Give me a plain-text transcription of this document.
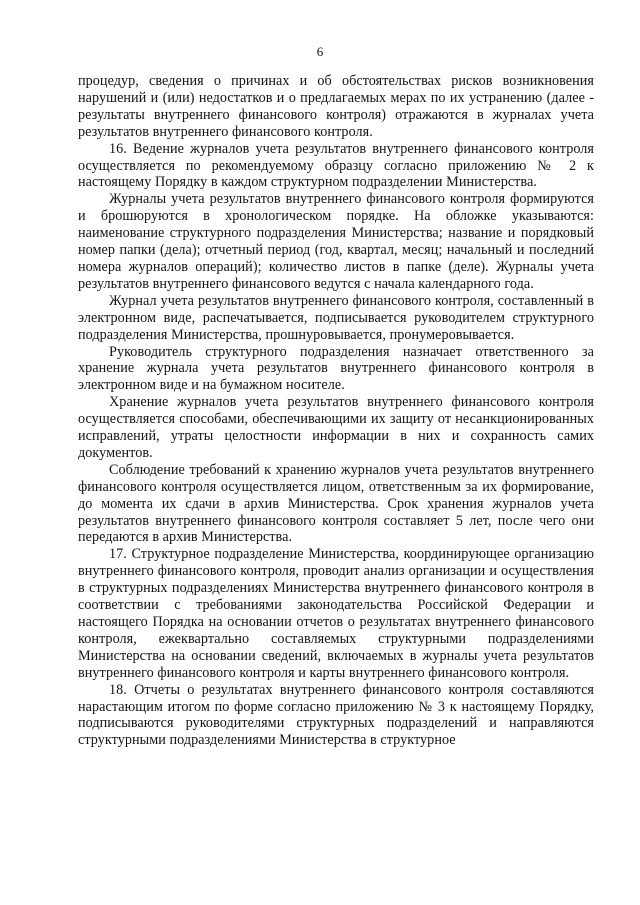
6

процедур, сведения о причинах и об обстоятельствах рисков возникновения нарушений и (или) недостатков и о предлагаемых мерах по их устранению (далее - результаты внутреннего финансового контроля) отражаются в журналах учета результатов внутреннего финансового контроля.

16. Ведение журналов учета результатов внутреннего финансового контроля осуществляется по рекомендуемому образцу согласно приложению № 2 к настоящему Порядку в каждом структурном подразделении Министерства.

Журналы учета результатов внутреннего финансового контроля формируются и брошюруются в хронологическом порядке. На обложке указываются: наименование структурного подразделения Министерства; название и порядковый номер папки (дела); отчетный период (год, квартал, месяц; начальный и последний номера журналов операций); количество листов в папке (деле). Журналы учета результатов внутреннего финансового ведутся с начала календарного года.

Журнал учета результатов внутреннего финансового контроля, составленный в электронном виде, распечатывается, подписывается руководителем структурного подразделения Министерства, прошнуровывается, пронумеровывается.

Руководитель структурного подразделения назначает ответственного за хранение журнала учета результатов внутреннего финансового контроля в электронном виде и на бумажном носителе.

Хранение журналов учета результатов внутреннего финансового контроля осуществляется способами, обеспечивающими их защиту от несанкционированных исправлений, утраты целостности информации в них и сохранность самих документов.

Соблюдение требований к хранению журналов учета результатов внутреннего финансового контроля осуществляется лицом, ответственным за их формирование, до момента их сдачи в архив Министерства. Срок хранения журналов учета результатов внутреннего финансового контроля составляет 5 лет, после чего они передаются в архив Министерства.

17. Структурное подразделение Министерства, координирующее организацию внутреннего финансового контроля, проводит анализ организации и осуществления в структурных подразделениях Министерства внутреннего финансового контроля в соответствии с требованиями законодательства Российской Федерации и настоящего Порядка на основании отчетов о результатах внутреннего финансового контроля, ежеквартально составляемых структурными подразделениями Министерства на основании сведений, включаемых в журналы учета результатов внутреннего финансового контроля и карты внутреннего финансового контроля.

18. Отчеты о результатах внутреннего финансового контроля составляются нарастающим итогом по форме согласно приложению № 3 к настоящему Порядку, подписываются руководителями структурных подразделений и направляются структурными подразделениями Министерства в структурное
